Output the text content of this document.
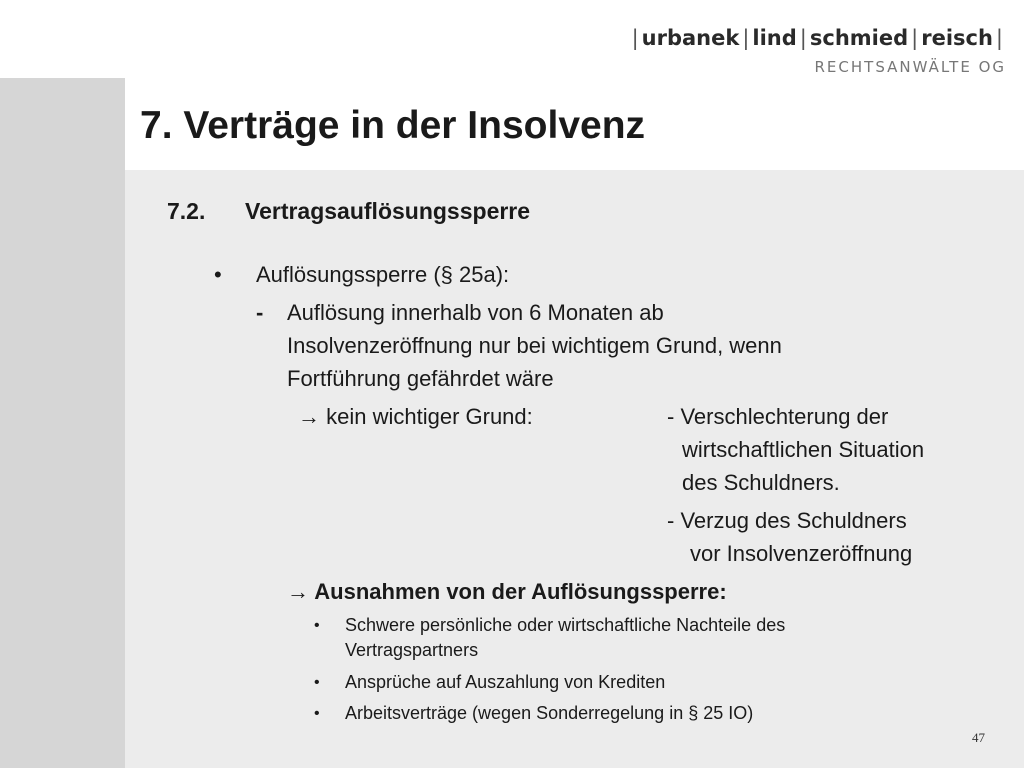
| urbanek | lind | schmied | reisch |
RECHTSANWÄLTE OG
7. Verträge in der Insolvenz
7.2. Vertragsauflösungssperre
• Auflösungssperre (§ 25a):
- Auflösung innerhalb von 6 Monaten ab
Insolvenzeröffnung nur bei wichtigem Grund, wenn
Fortführung gefährdet wäre
→ kein wichtiger Grund:	- Verschlechterung der
wirtschaftlichen Situation
des Schuldners.
- Verzug des Schuldners
vor Insolvenzeröffnung
→ Ausnahmen von der Auflösungssperre:
• Schwere persönliche oder wirtschaftliche Nachteile des
Vertragspartners
• Ansprüche auf Auszahlung von Krediten
• Arbeitsverträge (wegen Sonderregelung in § 25 IO)
47
